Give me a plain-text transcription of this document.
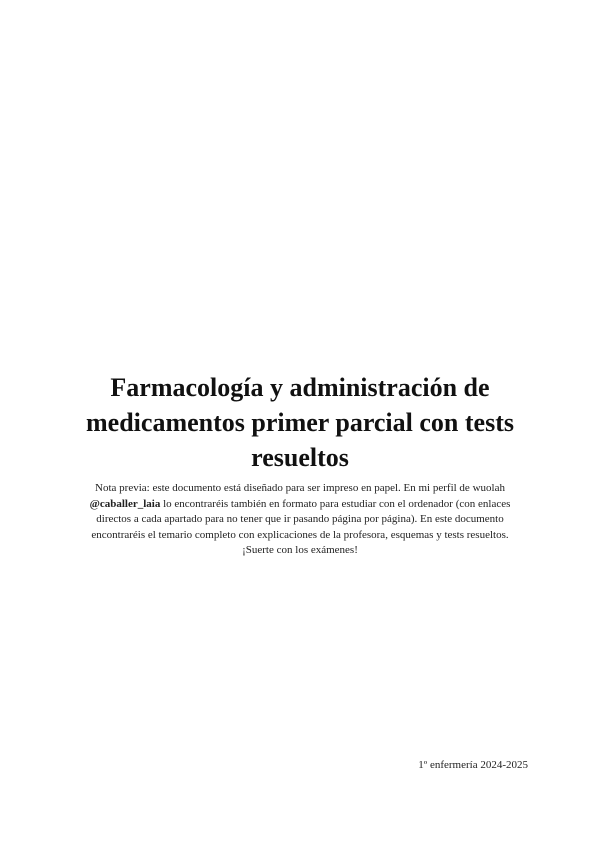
Farmacología y administración de medicamentos primer parcial con tests resueltos

Nota previa: este documento está diseñado para ser impreso en papel. En mi perfil de wuolah @caballer_laia lo encontraréis también en formato para estudiar con el ordenador (con enlaces directos a cada apartado para no tener que ir pasando página por página). En este documento encontraréis el temario completo con explicaciones de la profesora, esquemas y tests resueltos. ¡Suerte con los exámenes!

1º enfermería 2024-2025
